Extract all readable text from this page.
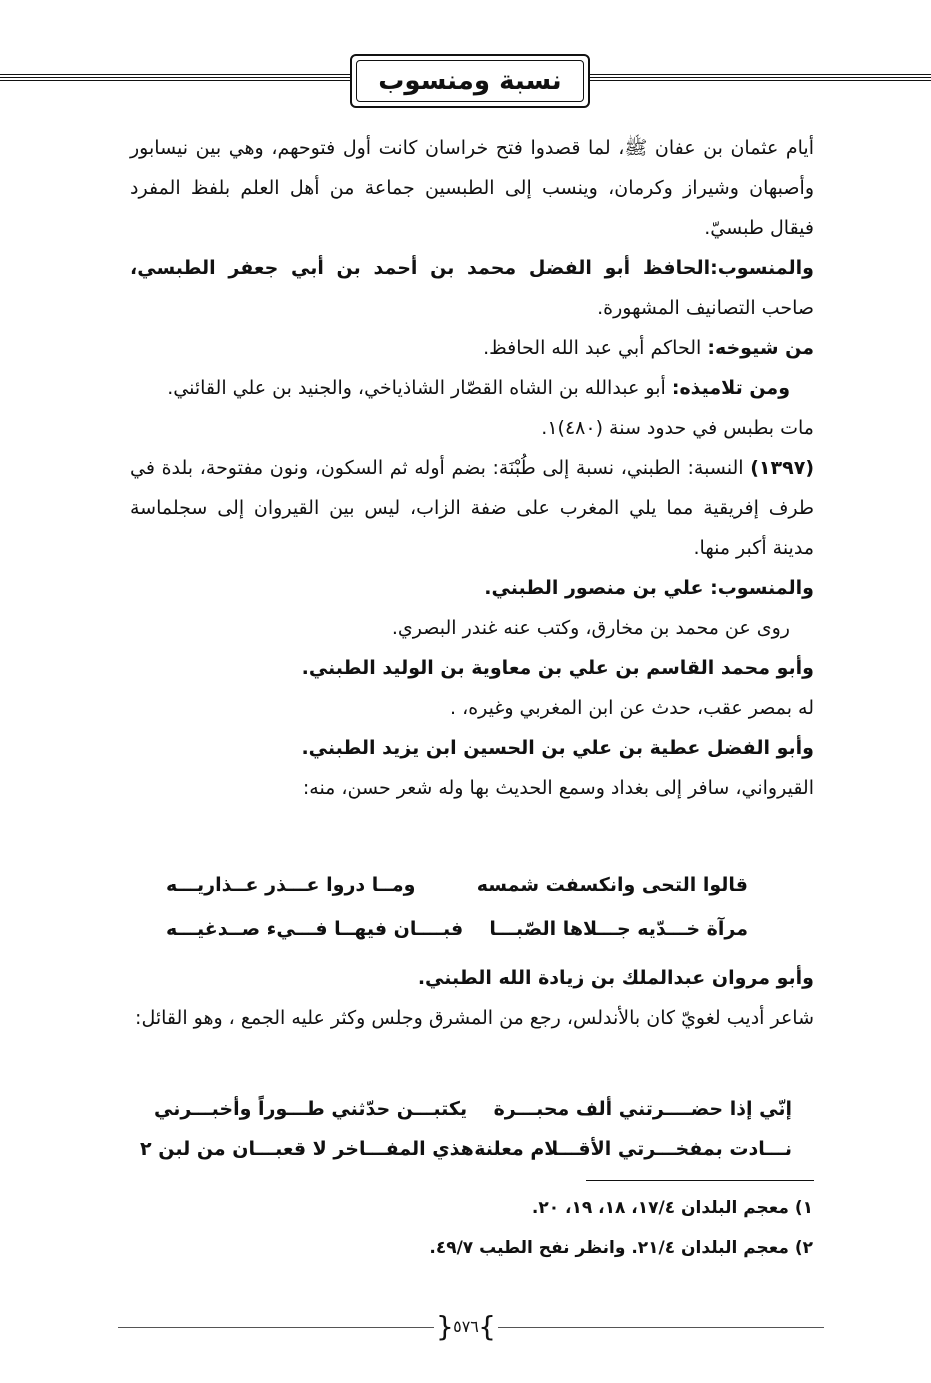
نسبة ومنسوب

أيام عثمان بن عفان ﷺ، لما قصدوا فتح خراسان كانت أول فتوحهم، وهي بين نيسابور وأصبهان وشيراز وكرمان، وينسب إلى الطبسين جماعة من أهل العلم بلفظ المفرد فيقال طبسيّ.

والمنسوب:الحافظ أبو الفضل محمد بن أحمد بن أبي جعفر الطبسي، صاحب التصانيف المشهورة.

من شيوخه: الحاكم أبي عبد الله الحافظ.

ومن تلاميذه: أبو عبدالله بن الشاه القصّار الشاذياخي، والجنيد بن علي القائني.

مات بطبس في حدود سنة (٤٨٠)١.

(١٣٩٧) النسبة: الطبني، نسبة إلى طُبْنَة: بضم أوله ثم السكون، ونون مفتوحة، بلدة في طرف إفريقية مما يلي المغرب على ضفة الزاب، ليس بين القيروان إلى سجلماسة مدينة أكبر منها.

والمنسوب: علي بن منصور الطبني.

روى عن محمد بن مخارق، وكتب عنه غندر البصري.

وأبو محمد القاسم بن علي بن معاوية بن الوليد الطبني.

له بمصر عقب، حدث عن ابن المغربي وغيره، .

وأبو الفضل عطية بن علي بن الحسين ابن يزيد الطبني.

القيرواني، سافر إلى بغداد وسمع الحديث بها وله شعر حسن، منه:

قالوا التحى وانكسفت شمسه
ومــا دروا عـــذر عــذاريـــه
مرآة خـــدّيه جـــلاها الصّبـــا
فبــــان فيهــا فـــيء صــدغيـــه

وأبو مروان عبدالملك بن زيادة الله الطبني.

شاعر أديب لغويّ كان بالأندلس، رجع من المشرق وجلس وكثر عليه الجمع ، وهو القائل:

إنّي إذا حضــــرتني ألف محبـــرة
يكتبـــن حدّثني طـــوراً وأخبـــرني
نـــادت بمفخـــرتي الأقـــلام معلنة
هذي المفـــاخر لا قعبـــان من لبن ٢
١) معجم البلدان ١٧/٤، ١٨، ١٩، ٢٠.
٢) معجم البلدان ٢١/٤. وانظر نفح الطيب ٤٩/٧.
{ ٥٧٦ }
